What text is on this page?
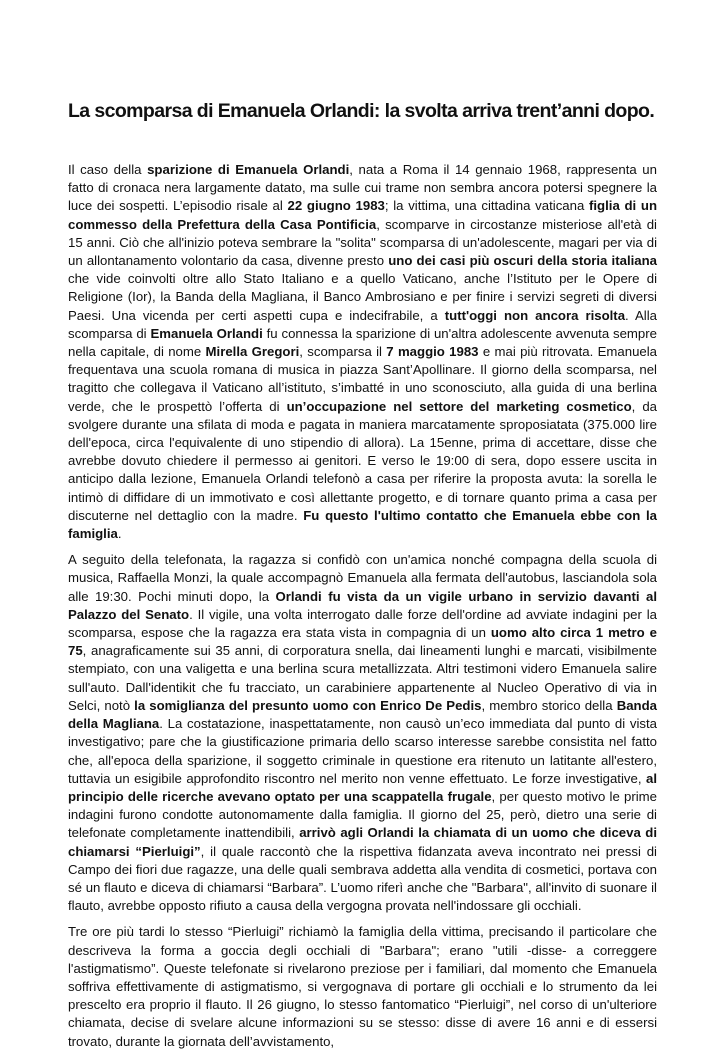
La scomparsa di Emanuela Orlandi: la svolta arriva trent’anni dopo.

Il caso della sparizione di Emanuela Orlandi, nata a Roma il 14 gennaio 1968, rappresenta un fatto di cronaca nera largamente datato, ma sulle cui trame non sembra ancora potersi spegnere la luce dei sospetti. L’episodio risale al 22 giugno 1983; la vittima, una cittadina vaticana figlia di un commesso della Prefettura della Casa Pontificia, scomparve in circostanze misteriose all'età di 15 anni. Ciò che all'inizio poteva sembrare la "solita" scomparsa di un'adolescente, magari per via di un allontanamento volontario da casa, divenne presto uno dei casi più oscuri della storia italiana che vide coinvolti oltre allo Stato Italiano e a quello Vaticano, anche l’Istituto per le Opere di Religione (Ior), la Banda della Magliana, il Banco Ambrosiano e per finire i servizi segreti di diversi Paesi. Una vicenda per certi aspetti cupa e indecifrabile, a tutt'oggi non ancora risolta. Alla scomparsa di Emanuela Orlandi fu connessa la sparizione di un'altra adolescente avvenuta sempre nella capitale, di nome Mirella Gregori, scomparsa il 7 maggio 1983 e mai più ritrovata. Emanuela frequentava una scuola romana di musica in piazza Sant’Apollinare. Il giorno della scomparsa, nel tragitto che collegava il Vaticano all’istituto, s’imbatté in uno sconosciuto, alla guida di una berlina verde, che le prospettò l’offerta di un’occupazione nel settore del marketing cosmetico, da svolgere durante una sfilata di moda e pagata in maniera marcatamente sproposiatata (375.000 lire dell'epoca, circa l'equivalente di uno stipendio di allora). La 15enne, prima di accettare, disse che avrebbe dovuto chiedere il permesso ai genitori. E verso le 19:00 di sera, dopo essere uscita in anticipo dalla lezione, Emanuela Orlandi telefonò a casa per riferire la proposta avuta: la sorella le intimò di diffidare di un immotivato e così allettante progetto, e di tornare quanto prima a casa per discuterne nel dettaglio con la madre. Fu questo l'ultimo contatto che Emanuela ebbe con la famiglia.

A seguito della telefonata, la ragazza si confidò con un'amica nonché compagna della scuola di musica, Raffaella Monzi, la quale accompagnò Emanuela alla fermata dell'autobus, lasciandola sola alle 19:30. Pochi minuti dopo, la Orlandi fu vista da un vigile urbano in servizio davanti al Palazzo del Senato. Il vigile, una volta interrogato dalle forze dell'ordine ad avviate indagini per la scomparsa, espose che la ragazza era stata vista in compagnia di un uomo alto circa 1 metro e 75, anagraficamente sui 35 anni, di corporatura snella, dai lineamenti lunghi e marcati, visibilmente stempiato, con una valigetta e una berlina scura metallizzata. Altri testimoni videro Emanuela salire sull'auto. Dall'identikit che fu tracciato, un carabiniere appartenente al Nucleo Operativo di via in Selci, notò la somiglianza del presunto uomo con Enrico De Pedis, membro storico della Banda della Magliana. La costatazione, inaspettatamente, non causò un’eco immediata dal punto di vista investigativo; pare che la giustificazione primaria dello scarso interesse sarebbe consistita nel fatto che, all'epoca della sparizione, il soggetto criminale in questione era ritenuto un latitante all'estero, tuttavia un esigibile approfondito riscontro nel merito non venne effettuato. Le forze investigative, al principio delle ricerche avevano optato per una scappatella frugale, per questo motivo le prime indagini furono condotte autonomamente dalla famiglia. Il giorno del 25, però, dietro una serie di telefonate completamente inattendibili, arrivò agli Orlandi la chiamata di un uomo che diceva di chiamarsi “Pierluigi”, il quale raccontò che la rispettiva fidanzata aveva incontrato nei pressi di Campo dei fiori due ragazze, una delle quali sembrava addetta alla vendita di cosmetici, portava con sé un flauto e diceva di chiamarsi “Barbara”. L’uomo riferì anche che "Barbara", all'invito di suonare il flauto, avrebbe opposto rifiuto a causa della vergogna provata nell'indossare gli occhiali.

Tre ore più tardi lo stesso “Pierluigi” richiamò la famiglia della vittima, precisando il particolare che descriveva la forma a goccia degli occhiali di "Barbara"; erano "utili -disse- a correggere l'astigmatismo”. Queste telefonate si rivelarono preziose per i familiari, dal momento che Emanuela soffriva effettivamente di astigmatismo, si vergognava di portare gli occhiali e lo strumento da lei prescelto era proprio il flauto. Il 26 giugno, lo stesso fantomatico “Pierluigi”, nel corso di un'ulteriore chiamata, decise di svelare alcune informazioni su se stesso: disse di avere 16 anni e di essersi trovato, durante la giornata dell’avvistamento,
